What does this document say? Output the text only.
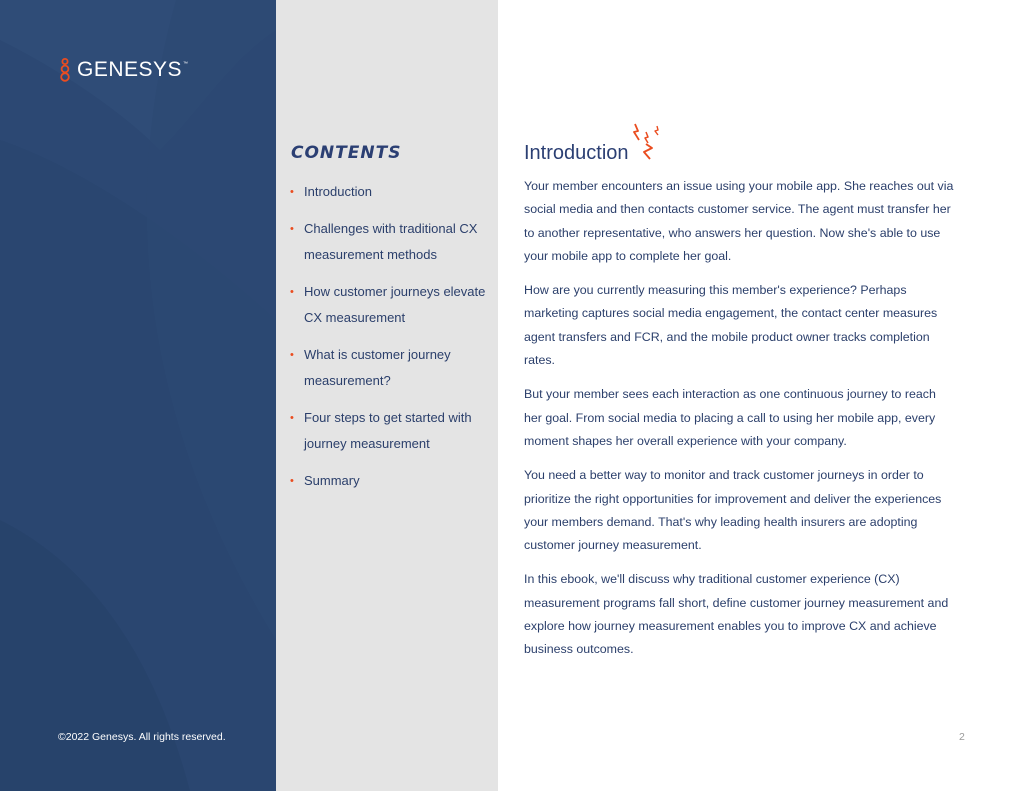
GENESYS ™
©2022 Genesys. All rights reserved.
CONTENTS
• Introduction
• Challenges with traditional CX measurement methods
• How customer journeys elevate CX measurement
• What is customer journey measurement?
• Four steps to get started with journey measurement
• Summary
Introduction

Your member encounters an issue using your mobile app. She reaches out via social media and then contacts customer service. The agent must transfer her to another representative, who answers her question. Now she's able to use your mobile app to complete her goal.

How are you currently measuring this member's experience? Perhaps marketing captures social media engagement, the contact center measures agent transfers and FCR, and the mobile product owner tracks completion rates.

But your member sees each interaction as one continuous journey to reach her goal. From social media to placing a call to using her mobile app, every moment shapes her overall experience with your company.

You need a better way to monitor and track customer journeys in order to prioritize the right opportunities for improvement and deliver the experiences your members demand. That's why leading health insurers are adopting customer journey measurement.

In this ebook, we'll discuss why traditional customer experience (CX) measurement programs fall short, define customer journey measurement and explore how journey measurement enables you to improve CX and achieve business outcomes.

2
